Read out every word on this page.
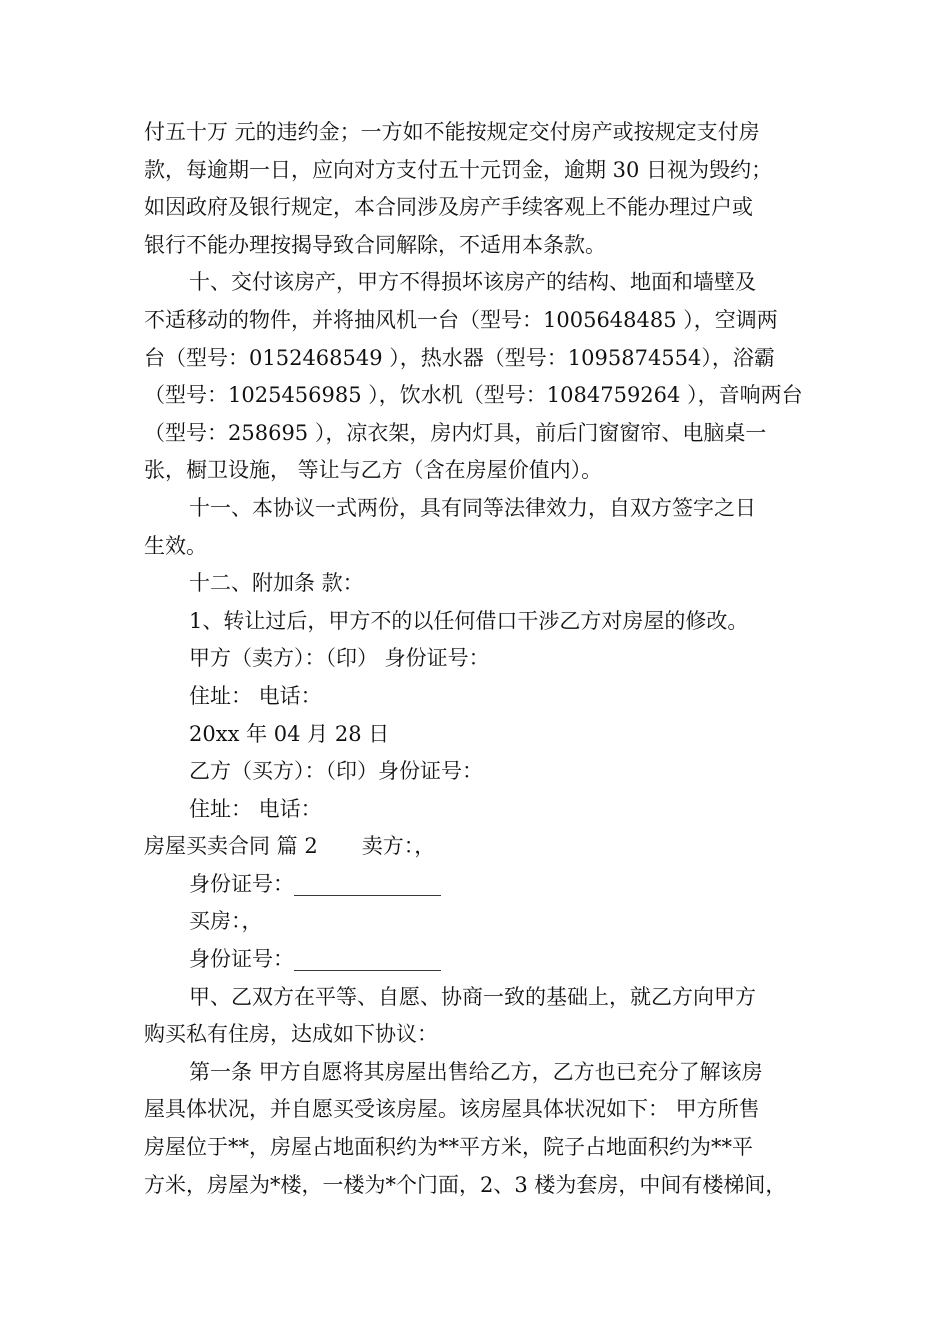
付五十万 元的违约金；一方如不能按规定交付房产或按规定支付房
款，每逾期一日，应向对方支付五十元罚金，逾期 30 日视为毁约；
如因政府及银行规定，本合同涉及房产手续客观上不能办理过户或
银行不能办理按揭导致合同解除，不适用本条款。
十、交付该房产，甲方不得损坏该房产的结构、地面和墙壁及
不适移动的物件，并将抽风机一台（型号：1005648485 ），空调两
台（型号：0152468549 ），热水器（型号：1095874554），浴霸
（型号：1025456985 ），饮水机（型号：1084759264 ），音响两台
（型号：258695 ），凉衣架，房内灯具，前后门窗窗帘、电脑桌一
张，橱卫设施， 等让与乙方（含在房屋价值内）。
十一、本协议一式两份，具有同等法律效力，自双方签字之日
生效。
十二、附加条 款：
1、转让过后，甲方不的以任何借口干涉乙方对房屋的修改。
甲方（卖方）：（印） 身份证号：
住址： 电话：
20xx 年 04 月 28 日
乙方（买方）：（印）身份证号：
住址： 电话：
房屋买卖合同 篇 2 卖方：，
身份证号：______________
买房：，
身份证号：______________
甲、乙双方在平等、自愿、协商一致的基础上，就乙方向甲方
购买私有住房，达成如下协议：
第一条 甲方自愿将其房屋出售给乙方，乙方也已充分了解该房
屋具体状况，并自愿买受该房屋。该房屋具体状况如下： 甲方所售
房屋位于**，房屋占地面积约为**平方米，院子占地面积约为**平
方米，房屋为*楼，一楼为*个门面，2、3 楼为套房，中间有楼梯间，
